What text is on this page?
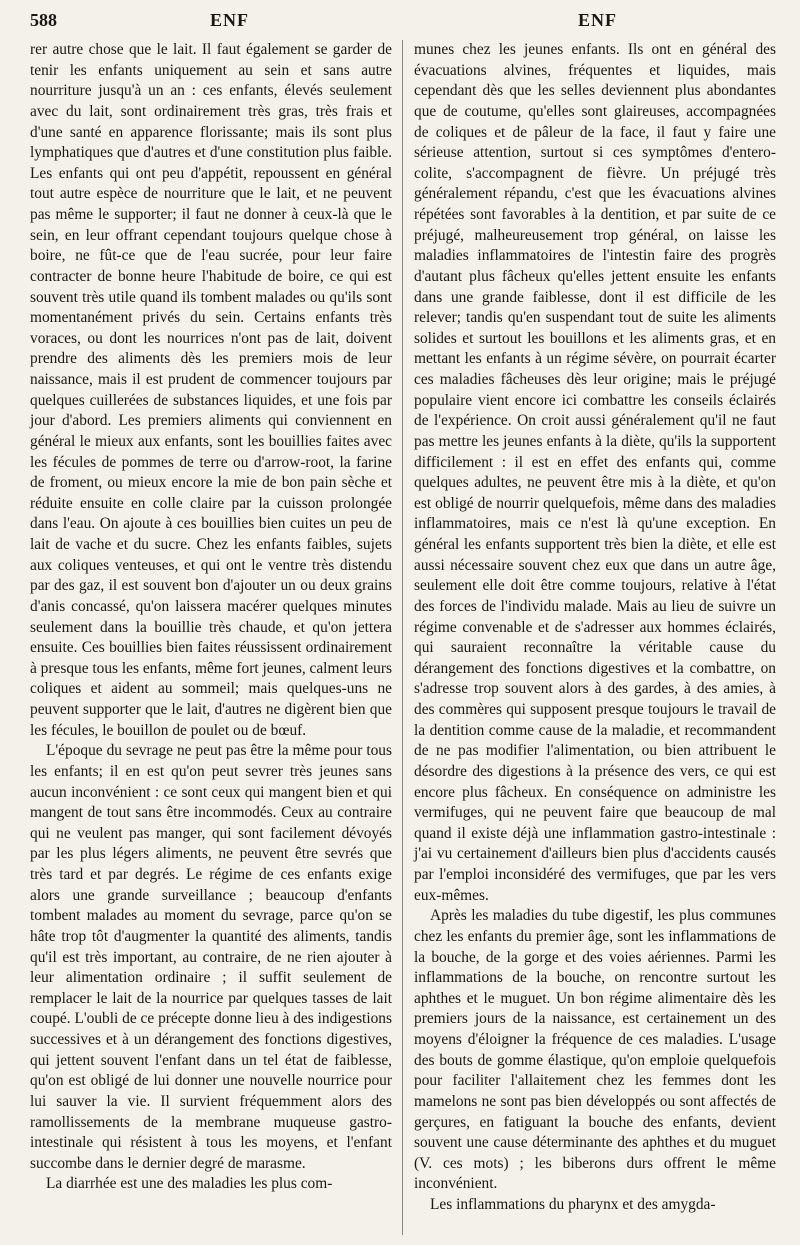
588	ENF	ENF

rer autre chose que le lait. Il faut également se garder de tenir les enfants uniquement au sein et sans autre nourriture jusqu'à un an : ces enfants, élevés seulement avec du lait, sont ordinairement très gras, très frais et d'une santé en apparence florissante; mais ils sont plus lymphatiques que d'autres et d'une constitution plus faible. Les enfants qui ont peu d'appétit, repoussent en général tout autre espèce de nourriture que le lait, et ne peuvent pas même le supporter; il faut ne donner à ceux-là que le sein, en leur offrant cependant toujours quelque chose à boire, ne fût-ce que de l'eau sucrée, pour leur faire contracter de bonne heure l'habitude de boire, ce qui est souvent très utile quand ils tombent malades ou qu'ils sont momentanément privés du sein. Certains enfants très voraces, ou dont les nourrices n'ont pas de lait, doivent prendre des aliments dès les premiers mois de leur naissance, mais il est prudent de commencer toujours par quelques cuillerées de substances liquides, et une fois par jour d'abord. Les premiers aliments qui conviennent en général le mieux aux enfants, sont les bouillies faites avec les fécules de pommes de terre ou d'arrow-root, la farine de froment, ou mieux encore la mie de bon pain sèche et réduite ensuite en colle claire par la cuisson prolongée dans l'eau. On ajoute à ces bouillies bien cuites un peu de lait de vache et du sucre. Chez les enfants faibles, sujets aux coliques venteuses, et qui ont le ventre très distendu par des gaz, il est souvent bon d'ajouter un ou deux grains d'anis concassé, qu'on laissera macérer quelques minutes seulement dans la bouillie très chaude, et qu'on jettera ensuite. Ces bouillies bien faites réussissent ordinairement à presque tous les enfants, même fort jeunes, calment leurs coliques et aident au sommeil; mais quelques-uns ne peuvent supporter que le lait, d'autres ne digèrent bien que les fécules, le bouillon de poulet ou de bœuf.

L'époque du sevrage ne peut pas être la même pour tous les enfants; il en est qu'on peut sevrer très jeunes sans aucun inconvénient : ce sont ceux qui mangent bien et qui mangent de tout sans être incommodés. Ceux au contraire qui ne veulent pas manger, qui sont facilement dévoyés par les plus légers aliments, ne peuvent être sevrés que très tard et par degrés. Le régime de ces enfants exige alors une grande surveillance ; beaucoup d'enfants tombent malades au moment du sevrage, parce qu'on se hâte trop tôt d'augmenter la quantité des aliments, tandis qu'il est très important, au contraire, de ne rien ajouter à leur alimentation ordinaire ; il suffit seulement de remplacer le lait de la nourrice par quelques tasses de lait coupé. L'oubli de ce précepte donne lieu à des indigestions successives et à un dérangement des fonctions digestives, qui jettent souvent l'enfant dans un tel état de faiblesse, qu'on est obligé de lui donner une nouvelle nourrice pour lui sauver la vie. Il survient fréquemment alors des ramollissements de la membrane muqueuse gastro-intestinale qui résistent à tous les moyens, et l'enfant succombe dans le dernier degré de marasme.

La diarrhée est une des maladies les plus com-

munes chez les jeunes enfants. Ils ont en général des évacuations alvines, fréquentes et liquides, mais cependant dès que les selles deviennent plus abondantes que de coutume, qu'elles sont glaireuses, accompagnées de coliques et de pâleur de la face, il faut y faire une sérieuse attention, surtout si ces symptômes d'entero-colite, s'accompagnent de fièvre. Un préjugé très généralement répandu, c'est que les évacuations alvines répétées sont favorables à la dentition, et par suite de ce préjugé, malheureusement trop général, on laisse les maladies inflammatoires de l'intestin faire des progrès d'autant plus fâcheux qu'elles jettent ensuite les enfants dans une grande faiblesse, dont il est difficile de les relever; tandis qu'en suspendant tout de suite les aliments solides et surtout les bouillons et les aliments gras, et en mettant les enfants à un régime sévère, on pourrait écarter ces maladies fâcheuses dès leur origine; mais le préjugé populaire vient encore ici combattre les conseils éclairés de l'expérience. On croit aussi généralement qu'il ne faut pas mettre les jeunes enfants à la diète, qu'ils la supportent difficilement : il est en effet des enfants qui, comme quelques adultes, ne peuvent être mis à la diète, et qu'on est obligé de nourrir quelquefois, même dans des maladies inflammatoires, mais ce n'est là qu'une exception. En général les enfants supportent très bien la diète, et elle est aussi nécessaire souvent chez eux que dans un autre âge, seulement elle doit être comme toujours, relative à l'état des forces de l'individu malade. Mais au lieu de suivre un régime convenable et de s'adresser aux hommes éclairés, qui sauraient reconnaître la véritable cause du dérangement des fonctions digestives et la combattre, on s'adresse trop souvent alors à des gardes, à des amies, à des commères qui supposent presque toujours le travail de la dentition comme cause de la maladie, et recommandent de ne pas modifier l'alimentation, ou bien attribuent le désordre des digestions à la présence des vers, ce qui est encore plus fâcheux. En conséquence on administre les vermifuges, qui ne peuvent faire que beaucoup de mal quand il existe déjà une inflammation gastro-intestinale : j'ai vu certainement d'ailleurs bien plus d'accidents causés par l'emploi inconsidéré des vermifuges, que par les vers eux-mêmes.

Après les maladies du tube digestif, les plus communes chez les enfants du premier âge, sont les inflammations de la bouche, de la gorge et des voies aériennes. Parmi les inflammations de la bouche, on rencontre surtout les aphthes et le muguet. Un bon régime alimentaire dès les premiers jours de la naissance, est certainement un des moyens d'éloigner la fréquence de ces maladies. L'usage des bouts de gomme élastique, qu'on emploie quelquefois pour faciliter l'allaitement chez les femmes dont les mamelons ne sont pas bien développés ou sont affectés de gerçures, en fatiguant la bouche des enfants, devient souvent une cause déterminante des aphthes et du muguet (V. ces mots) ; les biberons durs offrent le même inconvénient.

Les inflammations du pharynx et des amygda-
